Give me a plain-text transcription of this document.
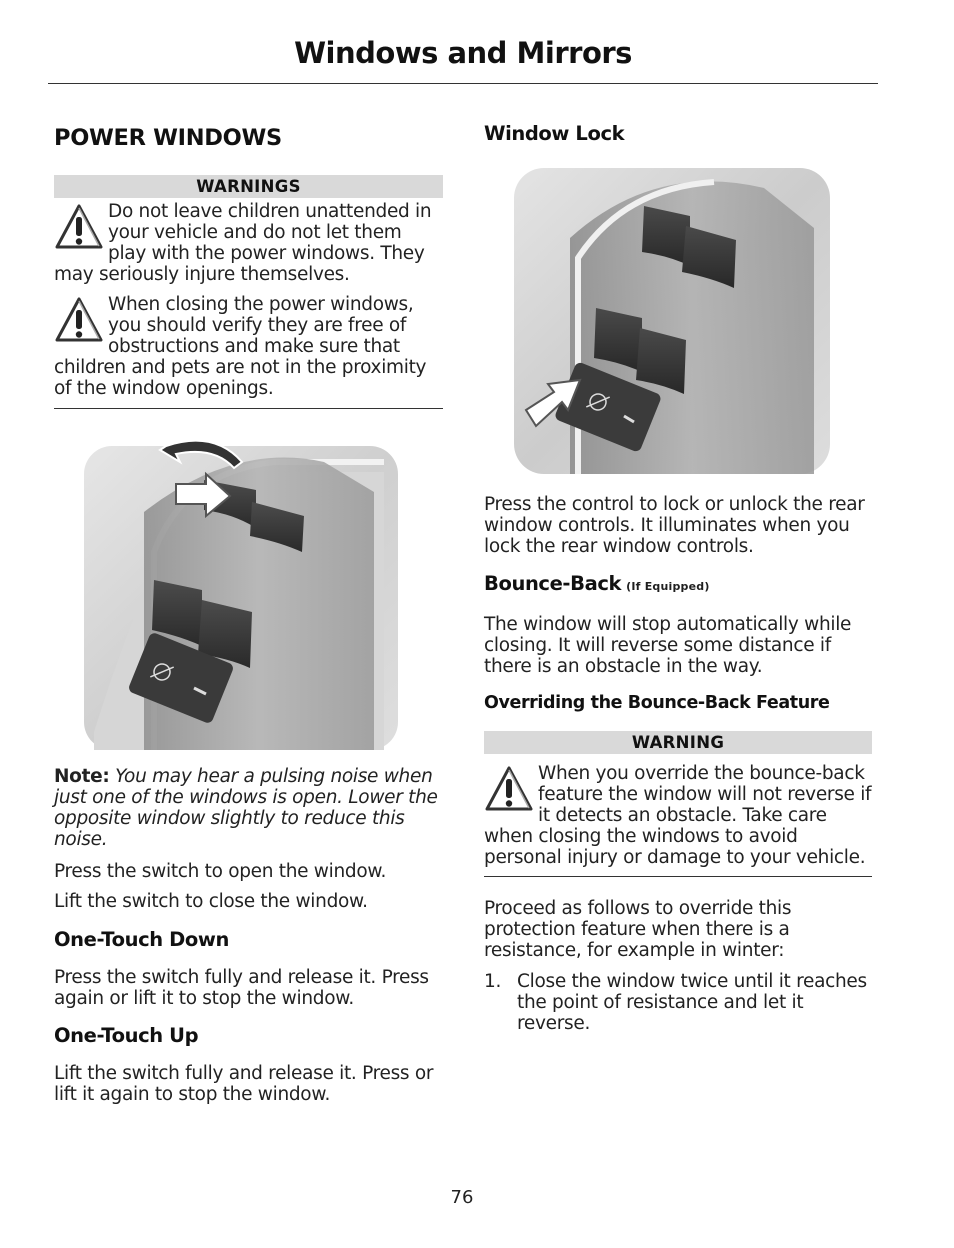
Windows and Mirrors
POWER WINDOWS
WARNINGS
Do not leave children unattended in your vehicle and do not let them play with the power windows. They may seriously injure themselves.
When closing the power windows, you should verify they are free of obstructions and make sure that children and pets are not in the proximity of the window openings.

Note: You may hear a pulsing noise when just one of the windows is open. Lower the opposite window slightly to reduce this noise.

Press the switch to open the window.

Lift the switch to close the window.

One-Touch Down

Press the switch fully and release it. Press again or lift it to stop the window.

One-Touch Up

Lift the switch fully and release it. Press or lift it again to stop the window.

Window Lock

Press the control to lock or unlock the rear window controls. It illuminates when you lock the rear window controls.

Bounce-Back (If Equipped)

The window will stop automatically while closing. It will reverse some distance if there is an obstacle in the way.

Overriding the Bounce-Back Feature
WARNING
When you override the bounce-back feature the window will not reverse if it detects an obstacle. Take care when closing the windows to avoid personal injury or damage to your vehicle.

Proceed as follows to override this protection feature when there is a resistance, for example in winter:

1. Close the window twice until it reaches the point of resistance and let it reverse.
76
